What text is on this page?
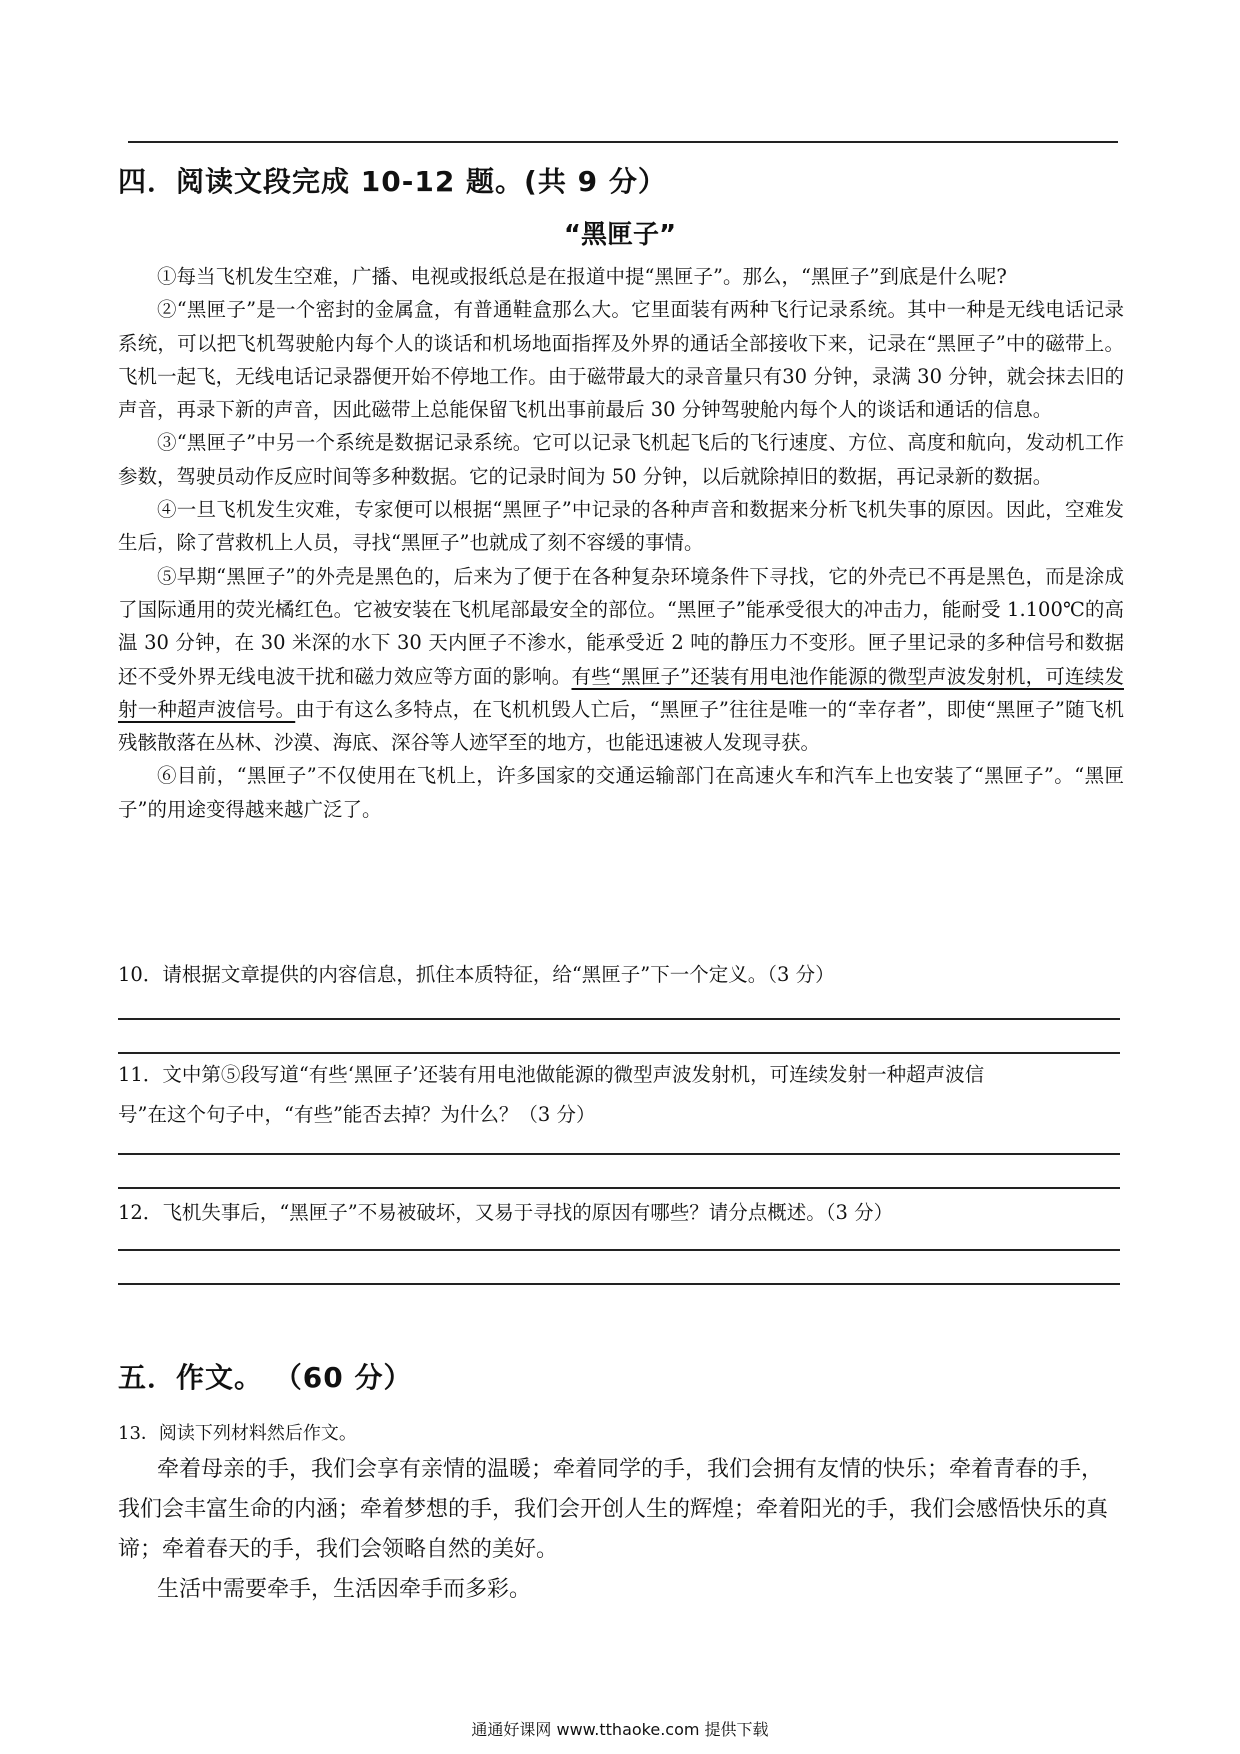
四．阅读文段完成 10-12 题。(共 9 分）
“黑匣子”

①每当飞机发生空难，广播、电视或报纸总是在报道中提“黑匣子”。那么，“黑匣子”到底是什么呢?

②“黑匣子”是一个密封的金属盒，有普通鞋盒那么大。它里面装有两种飞行记录系统。其中一种是无线电话记录系统，可以把飞机驾驶舱内每个人的谈话和机场地面指挥及外界的通话全部接收下来，记录在“黑匣子”中的磁带上。飞机一起飞，无线电话记录器便开始不停地工作。由于磁带最大的录音量只有30 分钟，录满 30 分钟，就会抹去旧的声音，再录下新的声音，因此磁带上总能保留飞机出事前最后 30 分钟驾驶舱内每个人的谈话和通话的信息。

③“黑匣子”中另一个系统是数据记录系统。它可以记录飞机起飞后的飞行速度、方位、高度和航向，发动机工作参数，驾驶员动作反应时间等多种数据。它的记录时间为 50 分钟，以后就除掉旧的数据，再记录新的数据。

④一旦飞机发生灾难，专家便可以根据“黑匣子”中记录的各种声音和数据来分析飞机失事的原因。因此，空难发生后，除了营救机上人员，寻找“黑匣子”也就成了刻不容缓的事情。

⑤早期“黑匣子”的外壳是黑色的，后来为了便于在各种复杂环境条件下寻找，它的外壳已不再是黑色，而是涂成了国际通用的荧光橘红色。它被安装在飞机尾部最安全的部位。“黑匣子”能承受很大的冲击力，能耐受 1.100℃的高温 30 分钟，在 30 米深的水下 30 天内匣子不渗水，能承受近 2 吨的静压力不变形。匣子里记录的多种信号和数据还不受外界无线电波干扰和磁力效应等方面的影响。有些“黑匣子”还装有用电池作能源的微型声波发射机，可连续发射一种超声波信号。由于有这么多特点，在飞机机毁人亡后，“黑匣子”往往是唯一的“幸存者”，即使“黑匣子”随飞机残骸散落在丛林、沙漠、海底、深谷等人迹罕至的地方，也能迅速被人发现寻获。

⑥目前，“黑匣子”不仅使用在飞机上，许多国家的交通运输部门在高速火车和汽车上也安装了“黑匣子”。“黑匣子”的用途变得越来越广泛了。

10．请根据文章提供的内容信息，抓住本质特征，给“黑匣子”下一个定义。（3 分）
11．文中第⑤段写道“有些‘黑匣子’还装有用电池做能源的微型声波发射机，可连续发射一种超声波信
号”在这个句子中，“有些”能否去掉？为什么？（3 分）
12．飞机失事后，“黑匣子”不易被破坏，又易于寻找的原因有哪些？请分点概述。（3 分）
五．作文。 （60 分）
13．阅读下列材料然后作文。

牵着母亲的手，我们会享有亲情的温暖；牵着同学的手，我们会拥有友情的快乐；牵着青春的手，我们会丰富生命的内涵；牵着梦想的手，我们会开创人生的辉煌；牵着阳光的手，我们会感悟快乐的真谛；牵着春天的手，我们会领略自然的美好。

生活中需要牵手，生活因牵手而多彩。

通通好课网 www.tthaoke.com 提供下载
